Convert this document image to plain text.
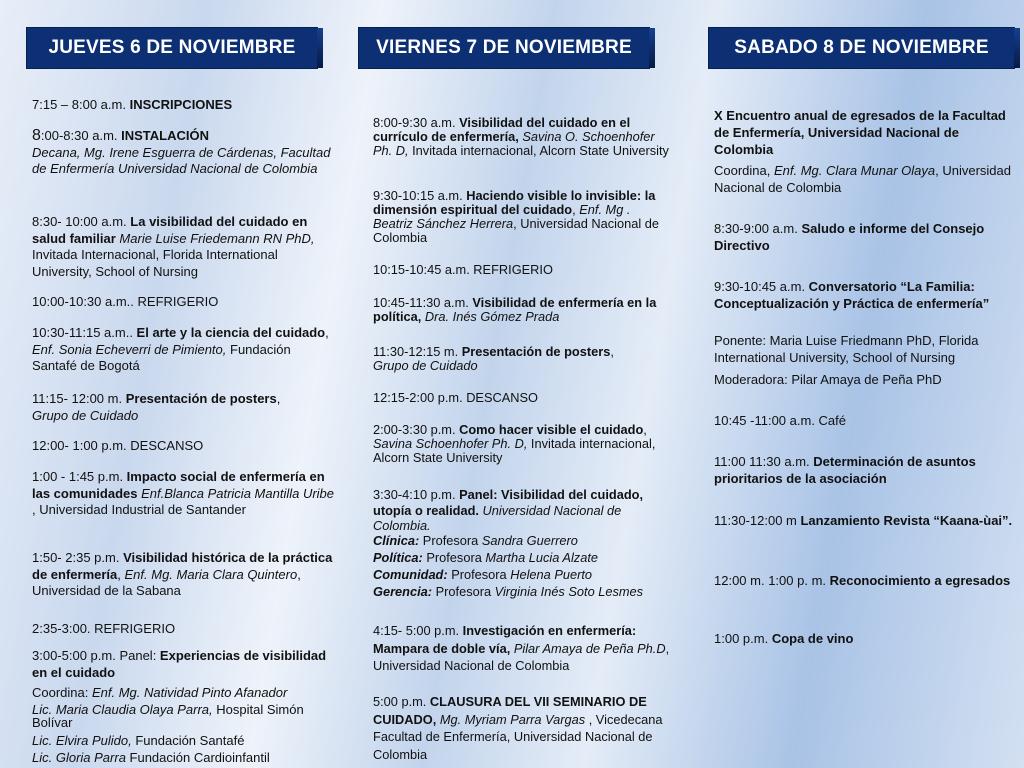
JUEVES 6 DE NOVIEMBRE	VIERNES 7 DE NOVIEMBRE	SABADO 8 DE NOVIEMBRE
7:15 – 8:00 a.m. INSCRIPCIONES
8:00-8:30 a.m. INSTALACIÓN
Decana, Mg. Irene Esguerra de Cárdenas, Facultad de Enfermería Universidad Nacional de Colombia
8:30- 10:00 a.m. La visibilidad del cuidado en salud familiar Marie Luise Friedemann RN PhD, Invitada Internacional, Florida International University, School of Nursing
10:00-10:30 a.m.. REFRIGERIO
10:30-11:15 a.m.. El arte y la ciencia del cuidado, Enf. Sonia Echeverri de Pimiento, Fundación Santafé de Bogotá
11:15- 12:00 m. Presentación de posters,
Grupo de Cuidado
12:00- 1:00 p.m. DESCANSO
1:00 - 1:45 p.m. Impacto social de enfermería en las comunidades Enf.Blanca Patricia Mantilla Uribe , Universidad Industrial de Santander
1:50- 2:35 p.m. Visibilidad histórica de la práctica de enfermería, Enf. Mg. Maria Clara Quintero, Universidad de la Sabana
2:35-3:00. REFRIGERIO
3:00-5:00 p.m. Panel: Experiencias de visibilidad en el cuidado
Coordina: Enf. Mg. Natividad Pinto Afanador
Lic. Maria Claudia Olaya Parra, Hospital Simón Bolívar
Lic. Elvira Pulido, Fundación Santafé
Lic. Gloria Parra Fundación Cardioinfantil
8:00-9:30 a.m. Visibilidad del cuidado en el currículo de enfermería, Savina O. Schoenhofer Ph. D, Invitada internacional, Alcorn State University
9:30-10:15 a.m. Haciendo visible lo invisible: la dimensión espiritual del cuidado, Enf. Mg . Beatriz Sánchez Herrera, Universidad Nacional de Colombia
10:15-10:45 a.m. REFRIGERIO
10:45-11:30 a.m. Visibilidad de enfermería en la política, Dra. Inés Gómez Prada
11:30-12:15 m. Presentación de posters,
Grupo de Cuidado
12:15-2:00 p.m. DESCANSO
2:00-3:30 p.m. Como hacer visible el cuidado, Savina Schoenhofer Ph. D, Invitada internacional, Alcorn State University
3:30-4:10 p.m. Panel: Visibilidad del cuidado, utopía o realidad. Universidad Nacional de Colombia.
Clínica: Profesora Sandra Guerrero
Política: Profesora Martha Lucia Alzate
Comunidad: Profesora Helena Puerto
Gerencia: Profesora Virginia Inés Soto Lesmes
4:15- 5:00 p.m. Investigación en enfermería: Mampara de doble vía, Pilar Amaya de Peña Ph.D, Universidad Nacional de Colombia
5:00 p.m. CLAUSURA DEL VII SEMINARIO DE CUIDADO, Mg. Myriam Parra Vargas , Vicedecana Facultad de Enfermería, Universidad Nacional de Colombia
X Encuentro anual de egresados de la Facultad de Enfermería, Universidad Nacional de Colombia
Coordina, Enf. Mg. Clara Munar Olaya, Universidad Nacional de Colombia
8:30-9:00 a.m. Saludo e informe del Consejo Directivo
9:30-10:45 a.m. Conversatorio “La Familia: Conceptualización y Práctica de enfermería”
Ponente: Maria Luise Friedmann PhD, Florida International University, School of Nursing
Moderadora: Pilar Amaya de Peña PhD
10:45 -11:00 a.m. Café
11:00 11:30 a.m. Determinación de asuntos prioritarios de la asociación
11:30-12:00 m Lanzamiento Revista “Kaana-ùai”.
12:00 m. 1:00 p. m. Reconocimiento a egresados
1:00 p.m. Copa de vino
